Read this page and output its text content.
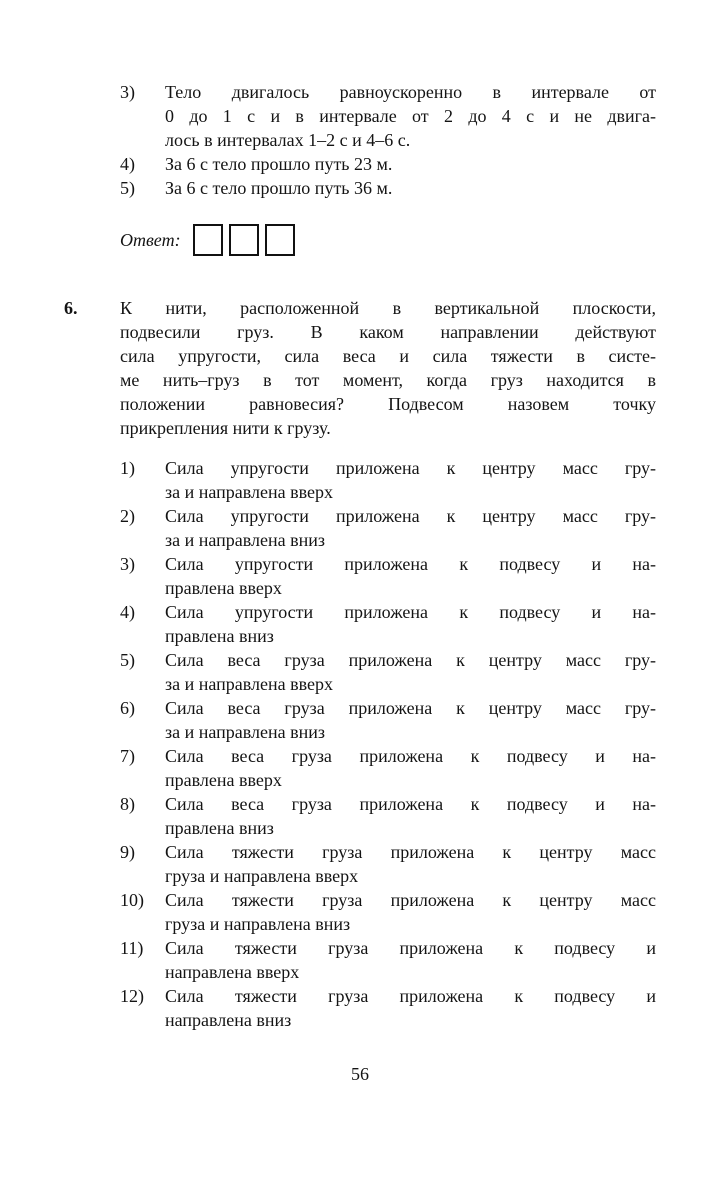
3)	Тело двигалось равноускоренно в интервале от
0 до 1 с и в интервале от 2 до 4 с и не двига-
лось в интервалах 1–2 с и 4–6 с.
4)	За 6 с тело прошло путь 23 м.
5)	За 6 с тело прошло путь 36 м.
Ответ:
6. К нити, расположенной в вертикальной плоскости,
подвесили груз. В каком направлении действуют
сила упругости, сила веса и сила тяжести в систе-
ме нить–груз в тот момент, когда груз находится в
положении равновесия? Подвесом назовем точку
прикрепления нити к грузу.
1)	Сила упругости приложена к центру масс гру-
за и направлена вверх
2)	Сила упругости приложена к центру масс гру-
за и направлена вниз
3)	Сила упругости приложена к подвесу и на-
правлена вверх
4)	Сила упругости приложена к подвесу и на-
правлена вниз
5)	Сила веса груза приложена к центру масс гру-
за и направлена вверх
6)	Сила веса груза приложена к центру масс гру-
за и направлена вниз
7)	Сила веса груза приложена к подвесу и на-
правлена вверх
8)	Сила веса груза приложена к подвесу и на-
правлена вниз
9)	Сила тяжести груза приложена к центру масс
груза и направлена вверх
10)	Сила тяжести груза приложена к центру масс
груза и направлена вниз
11)	Сила тяжести груза приложена к подвесу и
направлена вверх
12)	Сила тяжести груза приложена к подвесу и
направлена вниз
56
